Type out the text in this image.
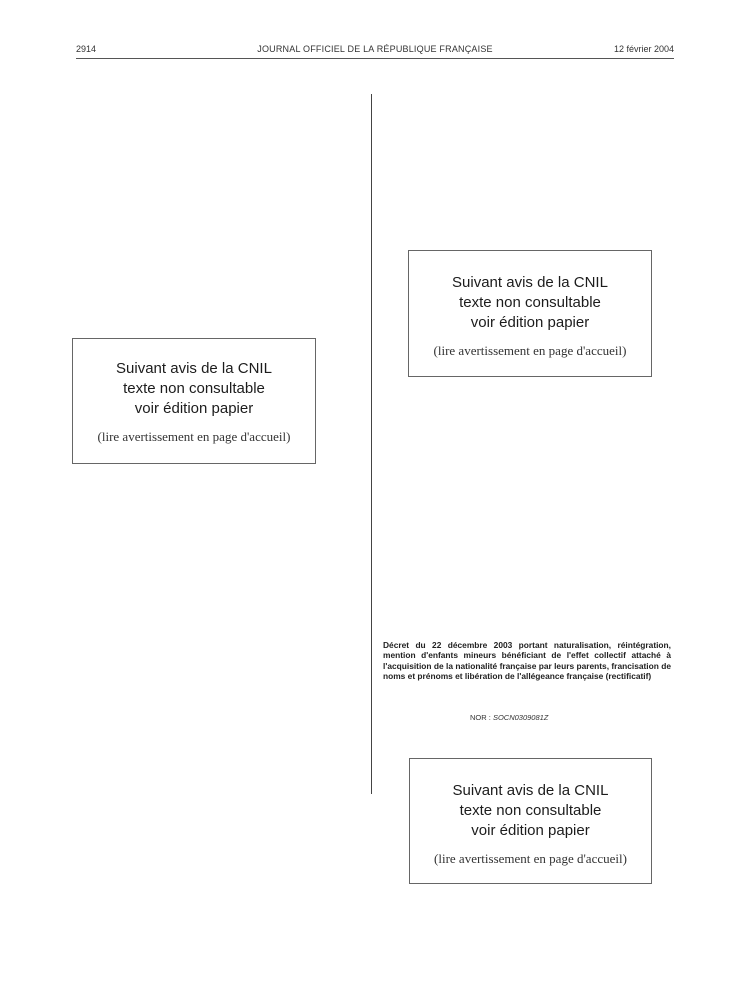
2914	JOURNAL OFFICIEL DE LA RÉPUBLIQUE FRANÇAISE	12 février 2004
Suivant avis de la CNIL
texte non consultable
voir édition papier
(lire avertissement en page d'accueil)
Suivant avis de la CNIL
texte non consultable
voir édition papier
(lire avertissement en page d'accueil)
Décret du 22 décembre 2003 portant naturalisation, réintégration, mention d'enfants mineurs bénéficiant de l'effet collectif attaché à l'acquisition de la nationalité française par leurs parents, francisation de noms et prénoms et libération de l'allégeance française (rectificatif)
NOR : SOCN0309081Z
Suivant avis de la CNIL
texte non consultable
voir édition papier
(lire avertissement en page d'accueil)
